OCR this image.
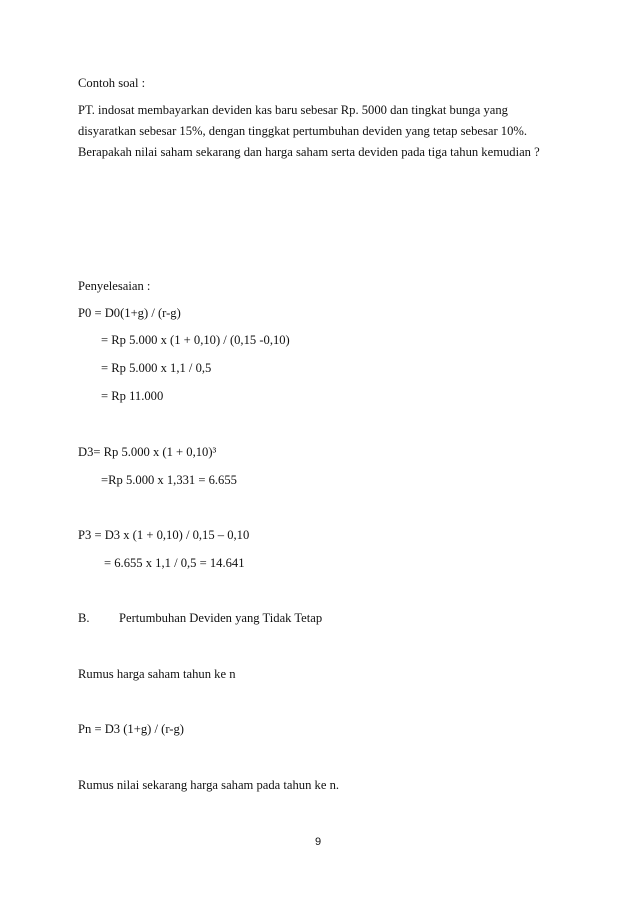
Contoh soal :
PT. indosat membayarkan deviden kas baru sebesar Rp. 5000 dan tingkat bunga yang
disyaratkan sebesar 15%, dengan tinggkat pertumbuhan deviden yang tetap sebesar 10%.
Berapakah nilai saham sekarang dan harga saham serta deviden pada tiga tahun kemudian ?
Penyelesaian :
P0 = D0(1+g) / (r-g)
= Rp 5.000 x (1 + 0,10) / (0,15 -0,10)
= Rp 5.000 x 1,1 / 0,5
= Rp 11.000
D3= Rp 5.000 x (1 + 0,10)³
=Rp 5.000 x 1,331 = 6.655
P3 = D3 x (1 + 0,10) / 0,15 – 0,10
= 6.655 x 1,1 / 0,5 = 14.641
B. Pertumbuhan Deviden yang Tidak Tetap
Rumus harga saham tahun ke n
Pn = D3 (1+g) / (r-g)
Rumus nilai sekarang harga saham pada tahun ke n.
9
